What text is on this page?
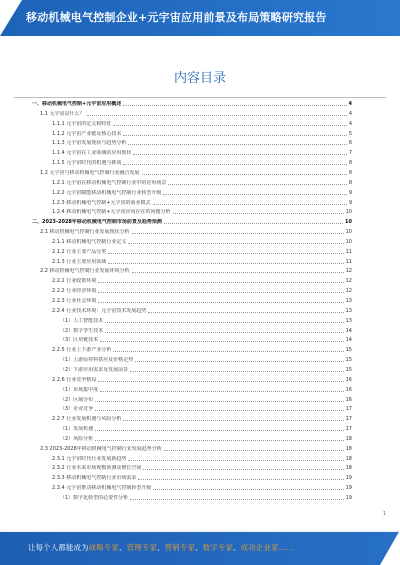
移动机械电气控制企业+元宇宙应用前景及布局策略研究报告
内容目录
一、移动机械电气控制+元宇宙应用概述	4
1.1 元宇宙是什么？	4
1.1.1 元宇宙的定义和特征	4
1.1.2 元宇宙产业链及核心技术	5
1.1.3 元宇宙发展现状与趋势分析	6
1.1.4 元宇宙在工业领域的应用现状	7
1.1.5 元宇宙时代的机遇与挑战	8
1.2 元宇宙与移动机械电气控制行业融合发展	8
1.2.1 元宇宙在移动机械电气控制行业中的应用场景	8
1.2.2 元宇宙赋能移动机械电气控制行业转型升级	9
1.2.3 移动机械电气控制+元宇宙的商业模式	9
1.2.4 移动机械电气控制+元宇宙应用存在的问题分析	10
二、2023-2028年移动机械电气控制市场前景及趋势预测	10
2.1 移动机械电气控制行业发展现状分析	10
2.1.1 移动机械电气控制行业定义	10
2.1.2 行业主要产品分类	11
2.1.3 行业主要应用领域	11
2.2 移动机械电气控制行业发展环境分析	12
2.2.1 行业政策环境	12
2.2.2 行业经济环境	12
2.2.3 行业社会环境	13
2.2.4 行业技术环境：元宇宙技术发展趋势	13
（1）人工智能技术	13
（2）数字孪生技术	14
（3）区块链技术	14
2.2.5 行业上下游产业分析	15
（1）上游原材料供应及价格走势	15
（2）下游应用需求及发展前景	15
2.2.6 行业竞争格局	16
（1）市场集中度	16
（2）区域分布	16
（3）企业竞争	17
2.2.7 行业发展机遇与风险分析	17
（1）发展机遇	17
（2）风险分析	18
2.3 2023-2028年移动机械电气控制行业发展趋势分析	18
2.3.1 元宇宙时代行业发展新趋势	18
2.3.2 行业未来市场规模预测及增长空间	18
2.3.3 移动机械电气控制行业市场需求	19
2.3.4 元宇宙推动移动机械电气控制转型升级	19
（1）数字化转型的必要性分析	19
1
让每个人都能成为战略专家、管理专家、营销专家、数字专家、成功企业家……
